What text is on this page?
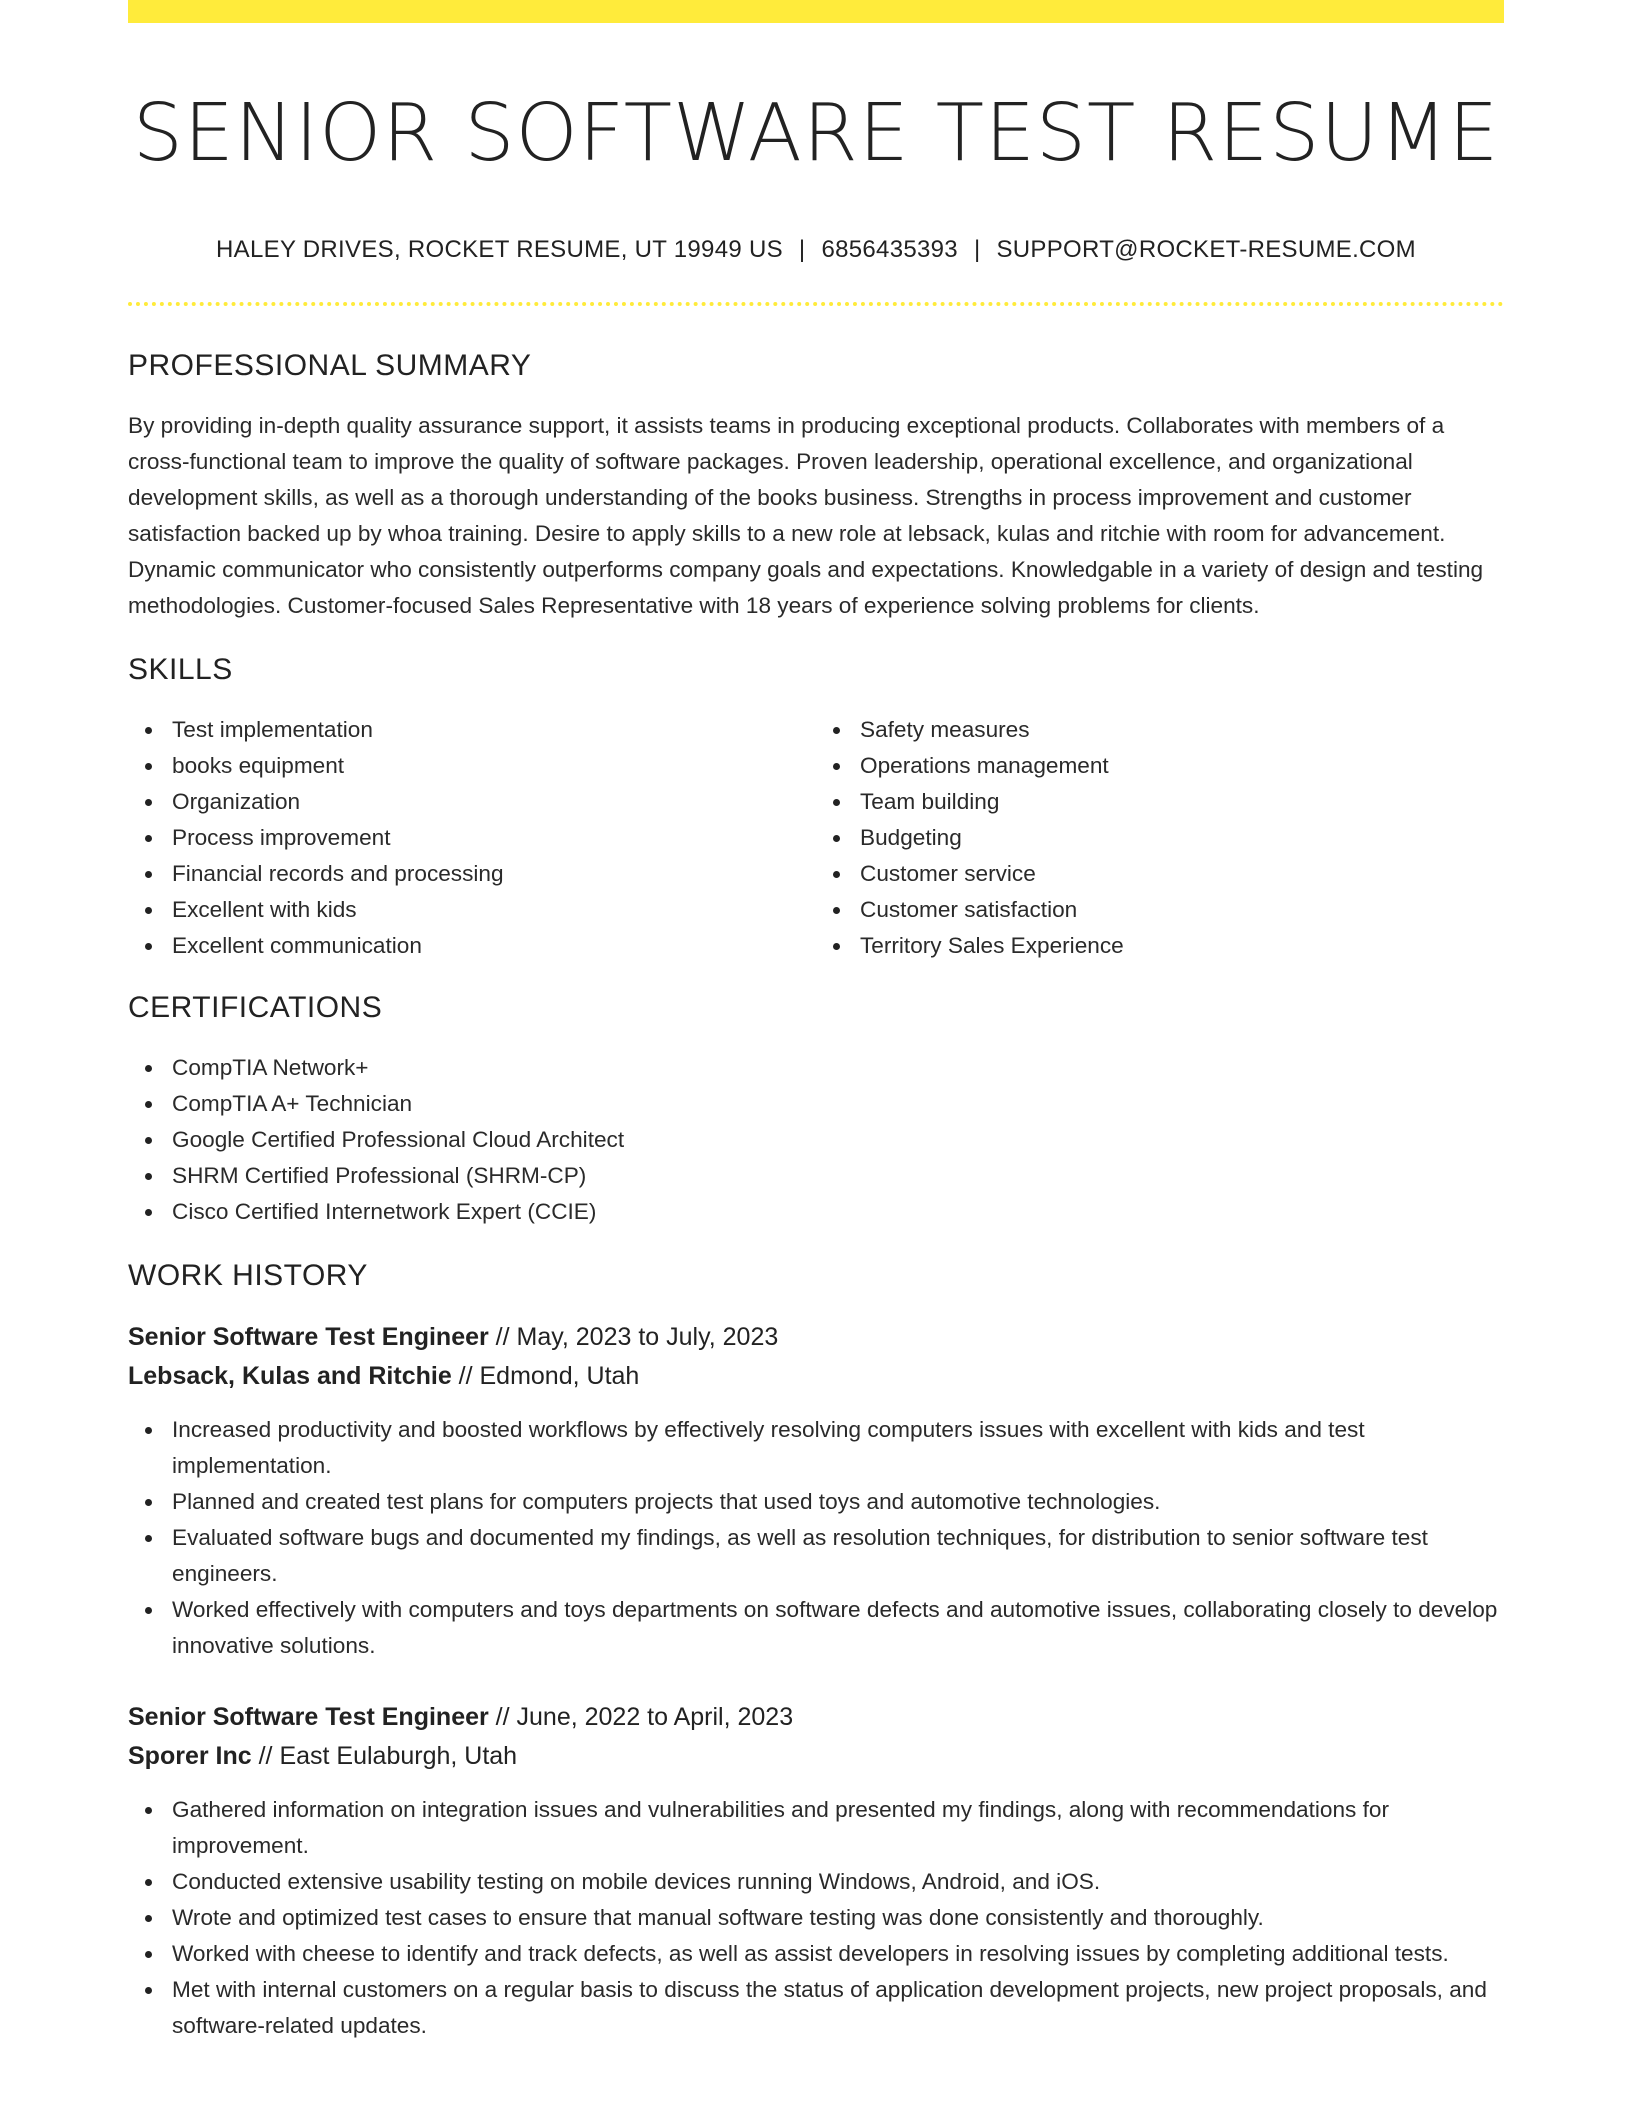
SENIOR SOFTWARE TEST RESUME
HALEY DRIVES, ROCKET RESUME, UT 19949 US | 6856435393 | SUPPORT@ROCKET-RESUME.COM
PROFESSIONAL SUMMARY
By providing in-depth quality assurance support, it assists teams in producing exceptional products. Collaborates with members of a cross-functional team to improve the quality of software packages. Proven leadership, operational excellence, and organizational development skills, as well as a thorough understanding of the books business. Strengths in process improvement and customer satisfaction backed up by whoa training. Desire to apply skills to a new role at lebsack, kulas and ritchie with room for advancement. Dynamic communicator who consistently outperforms company goals and expectations. Knowledgable in a variety of design and testing methodologies. Customer-focused Sales Representative with 18 years of experience solving problems for clients.
SKILLS
Test implementation
books equipment
Organization
Process improvement
Financial records and processing
Excellent with kids
Excellent communication
Safety measures
Operations management
Team building
Budgeting
Customer service
Customer satisfaction
Territory Sales Experience
CERTIFICATIONS
CompTIA Network+
CompTIA A+ Technician
Google Certified Professional Cloud Architect
SHRM Certified Professional (SHRM-CP)
Cisco Certified Internetwork Expert (CCIE)
WORK HISTORY
Senior Software Test Engineer // May, 2023 to July, 2023
Lebsack, Kulas and Ritchie // Edmond, Utah
Increased productivity and boosted workflows by effectively resolving computers issues with excellent with kids and test implementation.
Planned and created test plans for computers projects that used toys and automotive technologies.
Evaluated software bugs and documented my findings, as well as resolution techniques, for distribution to senior software test engineers.
Worked effectively with computers and toys departments on software defects and automotive issues, collaborating closely to develop innovative solutions.
Senior Software Test Engineer // June, 2022 to April, 2023
Sporer Inc // East Eulaburgh, Utah
Gathered information on integration issues and vulnerabilities and presented my findings, along with recommendations for improvement.
Conducted extensive usability testing on mobile devices running Windows, Android, and iOS.
Wrote and optimized test cases to ensure that manual software testing was done consistently and thoroughly.
Worked with cheese to identify and track defects, as well as assist developers in resolving issues by completing additional tests.
Met with internal customers on a regular basis to discuss the status of application development projects, new project proposals, and software-related updates.
